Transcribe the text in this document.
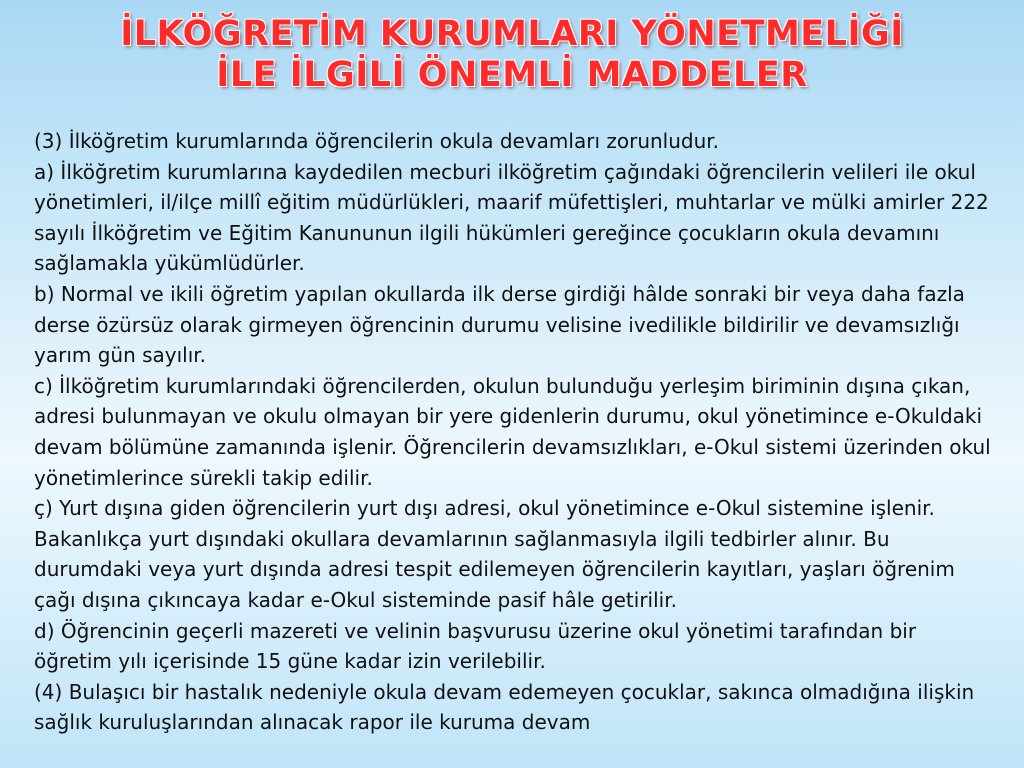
İLKÖĞRETİM KURUMLARI YÖNETMELİĞİ
İLE İLGİLİ ÖNEMLİ MADDELER

(3) İlköğretim kurumlarında öğrencilerin okula devamları zorunludur.

a) İlköğretim kurumlarına kaydedilen mecburi ilköğretim çağındaki öğrencilerin velileri ile okul yönetimleri, il/ilçe millî eğitim müdürlükleri, maarif müfettişleri, muhtarlar ve mülki amirler 222 sayılı İlköğretim ve Eğitim Kanununun ilgili hükümleri gereğince çocukların okula devamını sağlamakla yükümlüdürler.

b) Normal ve ikili öğretim yapılan okullarda ilk derse girdiği hâlde sonraki bir veya daha fazla derse özürsüz olarak girmeyen öğrencinin durumu velisine ivedilikle bildirilir ve devamsızlığı yarım gün sayılır.

c) İlköğretim kurumlarındaki öğrencilerden, okulun bulunduğu yerleşim biriminin dışına çıkan, adresi bulunmayan ve okulu olmayan bir yere gidenlerin durumu, okul yönetimince e-Okuldaki devam bölümüne zamanında işlenir. Öğrencilerin devamsızlıkları, e-Okul sistemi üzerinden okul yönetimlerince sürekli takip edilir.

ç) Yurt dışına giden öğrencilerin yurt dışı adresi, okul yönetimince e-Okul sistemine işlenir. Bakanlıkça yurt dışındaki okullara devamlarının sağlanmasıyla ilgili tedbirler alınır. Bu durumdaki veya yurt dışında adresi tespit edilemeyen öğrencilerin kayıtları, yaşları öğrenim çağı dışına çıkıncaya kadar e-Okul sisteminde pasif hâle getirilir.

d) Öğrencinin geçerli mazereti ve velinin başvurusu üzerine okul yönetimi tarafından bir öğretim yılı içerisinde 15 güne kadar izin verilebilir.

(4) Bulaşıcı bir hastalık nedeniyle okula devam edemeyen çocuklar, sakınca olmadığına ilişkin sağlık kuruluşlarından alınacak rapor ile kuruma devam
